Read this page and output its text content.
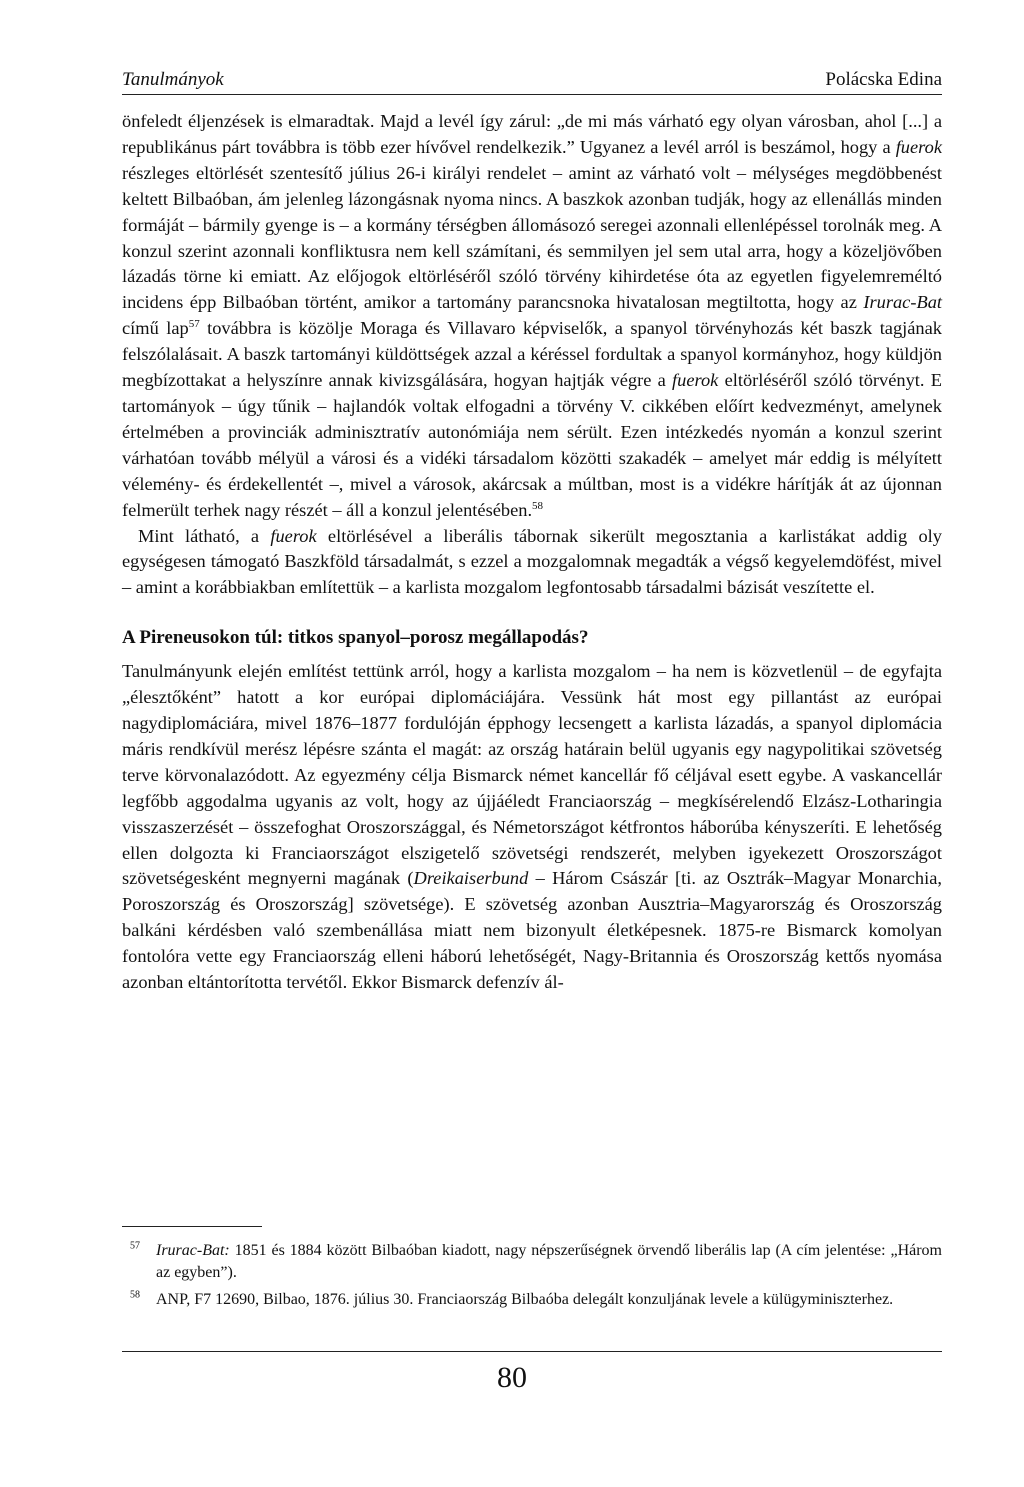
Tanulmányok	Polácska Edina

önfeledt éljenzések is elmaradtak. Majd a levél így zárul: „de mi más várható egy olyan városban, ahol [...] a republikánus párt továbbra is több ezer hívővel rendelkezik.” Ugyanez a levél arról is beszámol, hogy a fuerok részleges eltörlését szentesítő július 26-i királyi rendelet – amint az várható volt – mélységes megdöbbenést keltett Bilbaóban, ám jelenleg lázongásnak nyoma nincs. A baszkok azonban tudják, hogy az ellenállás minden formáját – bármily gyenge is – a kormány térségben állomásozó seregei azonnali ellenlépéssel torolnák meg. A konzul szerint azonnali konfliktusra nem kell számítani, és semmilyen jel sem utal arra, hogy a közeljövőben lázadás törne ki emiatt. Az előjogok eltörléséről szóló törvény kihirdetése óta az egyetlen figyelemreméltó incidens épp Bilbaóban történt, amikor a tartomány parancsnoka hivatalosan megtiltotta, hogy az Irurac-Bat című lap$^{57}$ továbbra is közölje Moraga és Villavaro képviselők, a spanyol törvényhozás két baszk tagjának felszólalásait. A baszk tartományi küldöttségek azzal a kéréssel fordultak a spanyol kormányhoz, hogy küldjön megbízottakat a helyszínre annak kivizsgálására, hogyan hajtják végre a fuerok eltörléséről szóló törvényt. E tartományok – úgy tűnik – hajlandók voltak elfogadni a törvény V. cikkében előírt kedvezményt, amelynek értelmében a provinciák adminisztratív autonómiája nem sérült. Ezen intézkedés nyomán a konzul szerint várhatóan tovább mélyül a városi és a vidéki társadalom közötti szakadék – amelyet már eddig is mélyített vélemény- és érdekellentét –, mivel a városok, akárcsak a múltban, most is a vidékre hárítják át az újonnan felmerült terhek nagy részét – áll a konzul jelentésében.$^{58}$

Mint látható, a fuerok eltörlésével a liberális tábornak sikerült megosztania a karlistákat addig oly egységesen támogató Baszkföld társadalmát, s ezzel a mozgalomnak megadták a végső kegyelemdöfést, mivel – amint a korábbiakban említettük – a karlista mozgalom legfontosabb társadalmi bázisát veszítette el.

A Pireneusokon túl: titkos spanyol–porosz megállapodás?

Tanulmányunk elején említést tettünk arról, hogy a karlista mozgalom – ha nem is közvetlenül – de egyfajta „élesztőként” hatott a kor európai diplomáciájára. Vessünk hát most egy pillantást az európai nagydiplomáciára, mivel 1876–1877 fordulóján épphogy lecsengett a karlista lázadás, a spanyol diplomácia máris rendkívül merész lépésre szánta el magát: az ország határain belül ugyanis egy nagypolitikai szövetség terve körvonalazódott. Az egyezmény célja Bismarck német kancellár fő céljával esett egybe. A vaskancellár legfőbb aggodalma ugyanis az volt, hogy az újjáéledt Franciaország – megkísérelendő Elzász-Lotharingia visszaszerzését – összefoghat Oroszországgal, és Németországot kétfrontos háborúba kényszeríti. E lehetőség ellen dolgozta ki Franciaországot elszigetelő szövetségi rendszerét, melyben igyekezett Oroszországot szövetségesként megnyerni magának (Dreikaiserbund – Három Császár [ti. az Osztrák–Magyar Monarchia, Poroszország és Oroszország] szövetsége). E szövetség azonban Ausztria–Magyarország és Oroszország balkáni kérdésben való szembenállása miatt nem bizonyult életképesnek. 1875-re Bismarck komolyan fontolóra vette egy Franciaország elleni háború lehetőségét, Nagy-Britannia és Oroszország kettős nyomása azonban eltántorította tervétől. Ekkor Bismarck defenzív ál-

$^{57}$	Irurac-Bat: 1851 és 1884 között Bilbaóban kiadott, nagy népszerűségnek örvendő liberális lap (A cím jelentése: „Három az egyben”).
$^{58}$	ANP, F7 12690, Bilbao, 1876. július 30. Franciaország Bilbaóba delegált konzuljának levele a külügyminiszterhez.
80
